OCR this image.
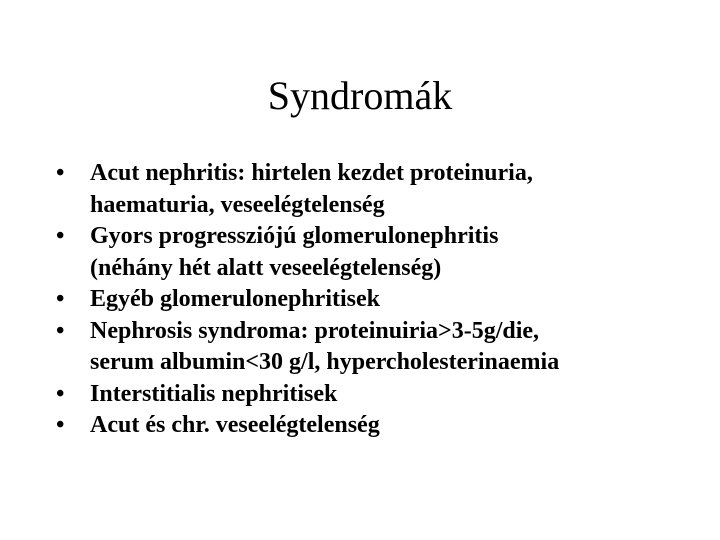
Syndromák
•	Acut nephritis: hirtelen kezdet proteinuria,
haematuria, veseelégtelenség
•	Gyors progressziójú glomerulonephritis
(néhány hét alatt veseelégtelenség)
•	Egyéb glomerulonephritisek
•	Nephrosis syndroma: proteinuiria>3-5g/die,
serum albumin<30 g/l, hypercholesterinaemia
•	Interstitialis nephritisek
•	Acut és chr. veseelégtelenség
